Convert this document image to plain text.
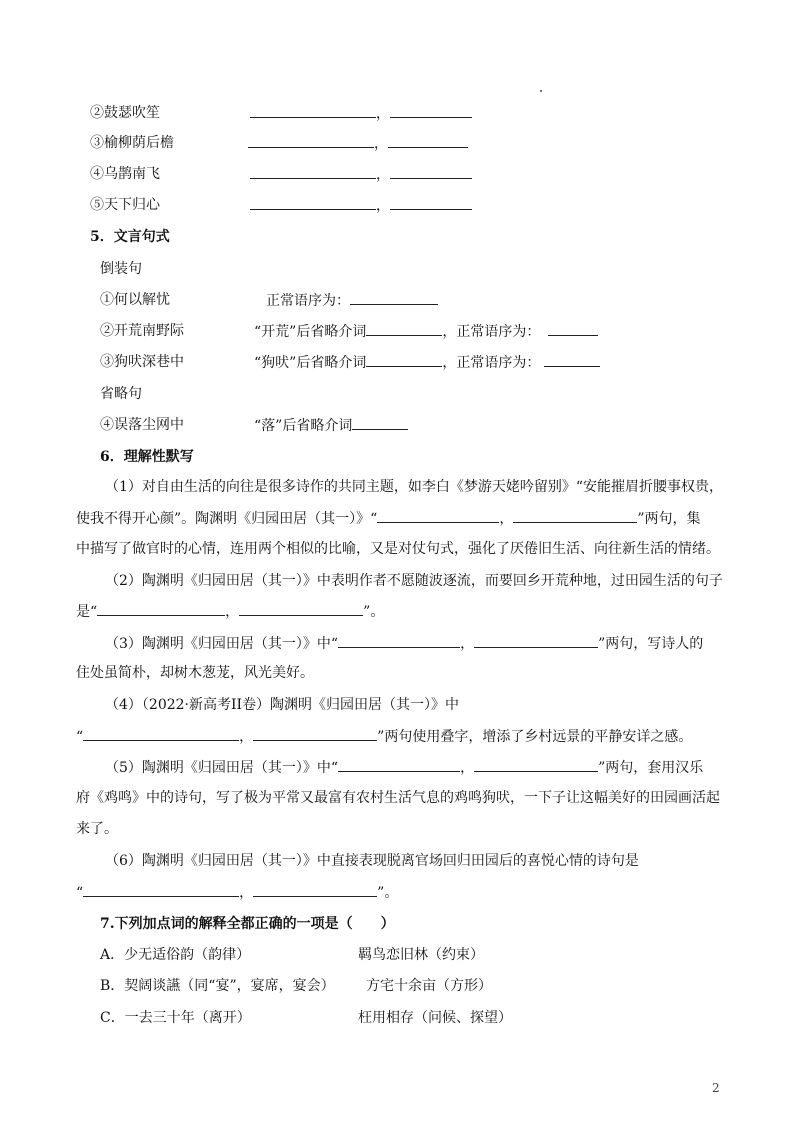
②鼓瑟吹笙	，
③榆柳荫后檐	，
④乌鹊南飞	，
⑤天下归心	，
5．文言句式
倒装句
①何以解忧	正常语序为：
②开荒南野际	“开荒”后省略介词	，正常语序为：
③狗吠深巷中	“狗吠”后省略介词	，正常语序为：
省略句
④误落尘网中	“落”后省略介词
6．理解性默写
（1）对自由生活的向往是很多诗作的共同主题，如李白《梦游天姥吟留别》“安能摧眉折腰事权贵，
使我不得开心颜”。陶渊明《归园田居（其一）》“	，	”两句，集
中描写了做官时的心情，连用两个相似的比喻，又是对仗句式，强化了厌倦旧生活、向往新生活的情绪。
（2）陶渊明《归园田居（其一）》中表明作者不愿随波逐流，而要回乡开荒种地，过田园生活的句子
是“	，	”。
（3）陶渊明《归园田居（其一）》中“	，	”两句，写诗人的
住处虽简朴，却树木葱茏，风光美好。
（4）（2022·新高考II卷）陶渊明《归园田居（其一）》中
“	，	”两句使用叠字，增添了乡村远景的平静安详之感。
（5）陶渊明《归园田居（其一）》中“	，	”两句，套用汉乐
府《鸡鸣》中的诗句，写了极为平常又最富有农村生活气息的鸡鸣狗吠，一下子让这幅美好的田园画活起
来了。
（6）陶渊明《归园田居（其一）》中直接表现脱离官场回归田园后的喜悦心情的诗句是
“	，	”。
7.下列加点词的解释全都正确的一项是（　　）
A．少无适俗韵（韵律）	羁鸟恋旧林（约束）
B．契阔谈讌（同“宴”，宴席，宴会） 方宅十余亩（方形）
C．一去三十年（离开）	枉用相存（问候、探望）
2
